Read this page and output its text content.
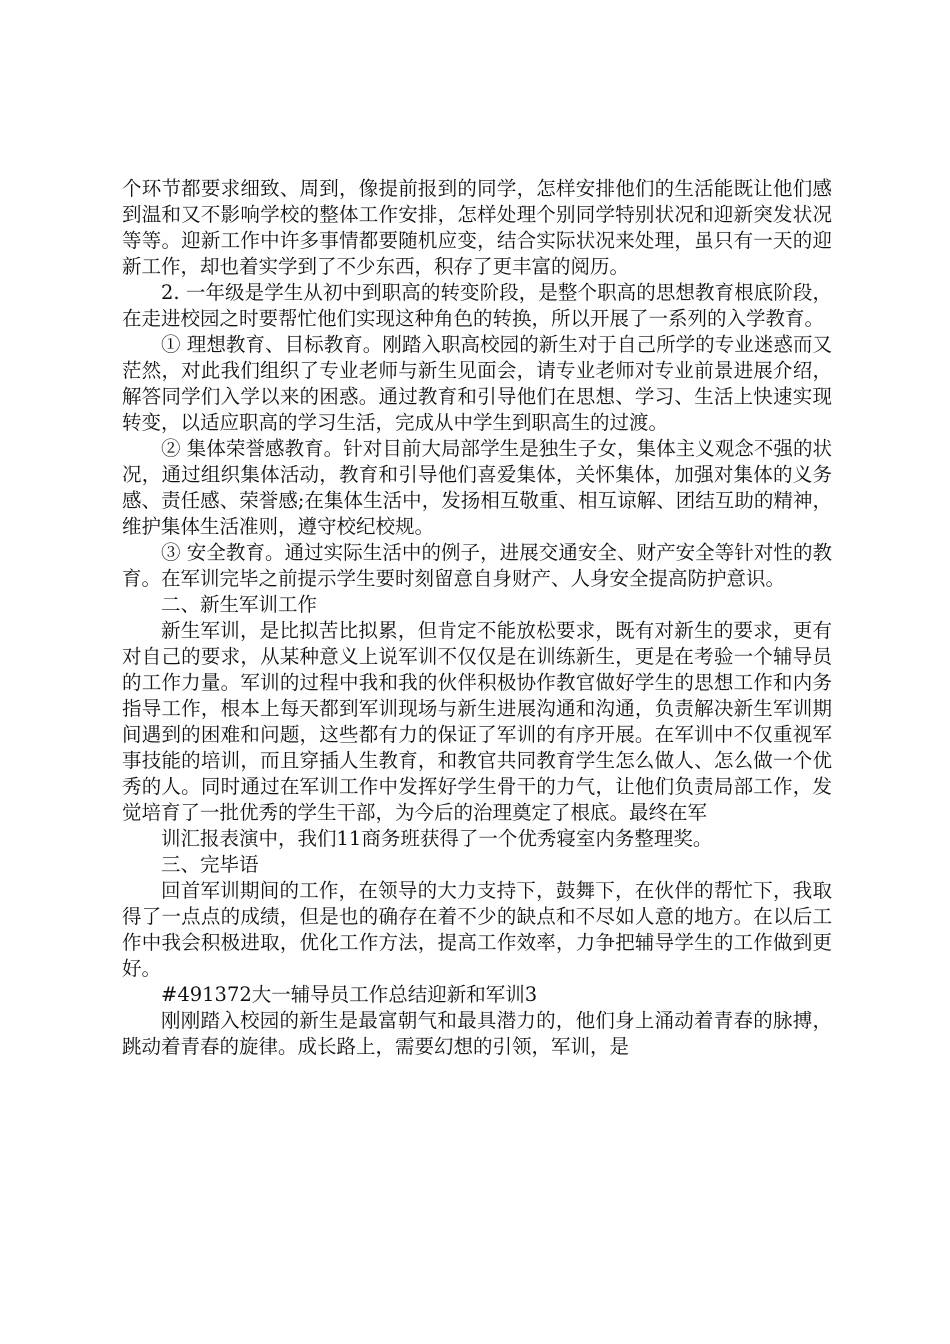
个环节都要求细致、周到，像提前报到的同学，怎样安排他们的生活能既让他们感到温和又不影响学校的整体工作安排，怎样处理个别同学特别状况和迎新突发状况等等。迎新工作中许多事情都要随机应变，结合实际状况来处理，虽只有一天的迎新工作，却也着实学到了不少东西，积存了更丰富的阅历。

2. 一年级是学生从初中到职高的转变阶段，是整个职高的思想教育根底阶段，在走进校园之时要帮忙他们实现这种角色的转换，所以开展了一系列的入学教育。

① 理想教育、目标教育。刚踏入职高校园的新生对于自己所学的专业迷惑而又茫然，对此我们组织了专业老师与新生见面会，请专业老师对专业前景进展介绍，解答同学们入学以来的困惑。通过教育和引导他们在思想、学习、生活上快速实现转变，以适应职高的学习生活，完成从中学生到职高生的过渡。

② 集体荣誉感教育。针对目前大局部学生是独生子女，集体主义观念不强的状况，通过组织集体活动，教育和引导他们喜爱集体，关怀集体，加强对集体的义务感、责任感、荣誉感;在集体生活中，发扬相互敬重、相互谅解、团结互助的精神，维护集体生活准则，遵守校纪校规。

③ 安全教育。通过实际生活中的例子，进展交通安全、财产安全等针对性的教育。在军训完毕之前提示学生要时刻留意自身财产、人身安全提高防护意识。

二、新生军训工作

新生军训，是比拟苦比拟累，但肯定不能放松要求，既有对新生的要求，更有对自己的要求，从某种意义上说军训不仅仅是在训练新生，更是在考验一个辅导员的工作力量。军训的过程中我和我的伙伴积极协作教官做好学生的思想工作和内务指导工作，根本上每天都到军训现场与新生进展沟通和沟通，负责解决新生军训期间遇到的困难和问题，这些都有力的保证了军训的有序开展。在军训中不仅重视军事技能的培训，而且穿插人生教育，和教官共同教育学生怎么做人、怎么做一个优秀的人。同时通过在军训工作中发挥好学生骨干的力气，让他们负责局部工作，发觉培育了一批优秀的学生干部，为今后的治理奠定了根底。最终在军

训汇报表演中，我们11商务班获得了一个优秀寝室内务整理奖。

三、完毕语

回首军训期间的工作，在领导的大力支持下，鼓舞下，在伙伴的帮忙下，我取得了一点点的成绩，但是也的确存在着不少的缺点和不尽如人意的地方。在以后工作中我会积极进取，优化工作方法，提高工作效率，力争把辅导学生的工作做到更好。

#491372大一辅导员工作总结迎新和军训3

刚刚踏入校园的新生是最富朝气和最具潜力的，他们身上涌动着青春的脉搏，跳动着青春的旋律。成长路上，需要幻想的引领，军训，是
